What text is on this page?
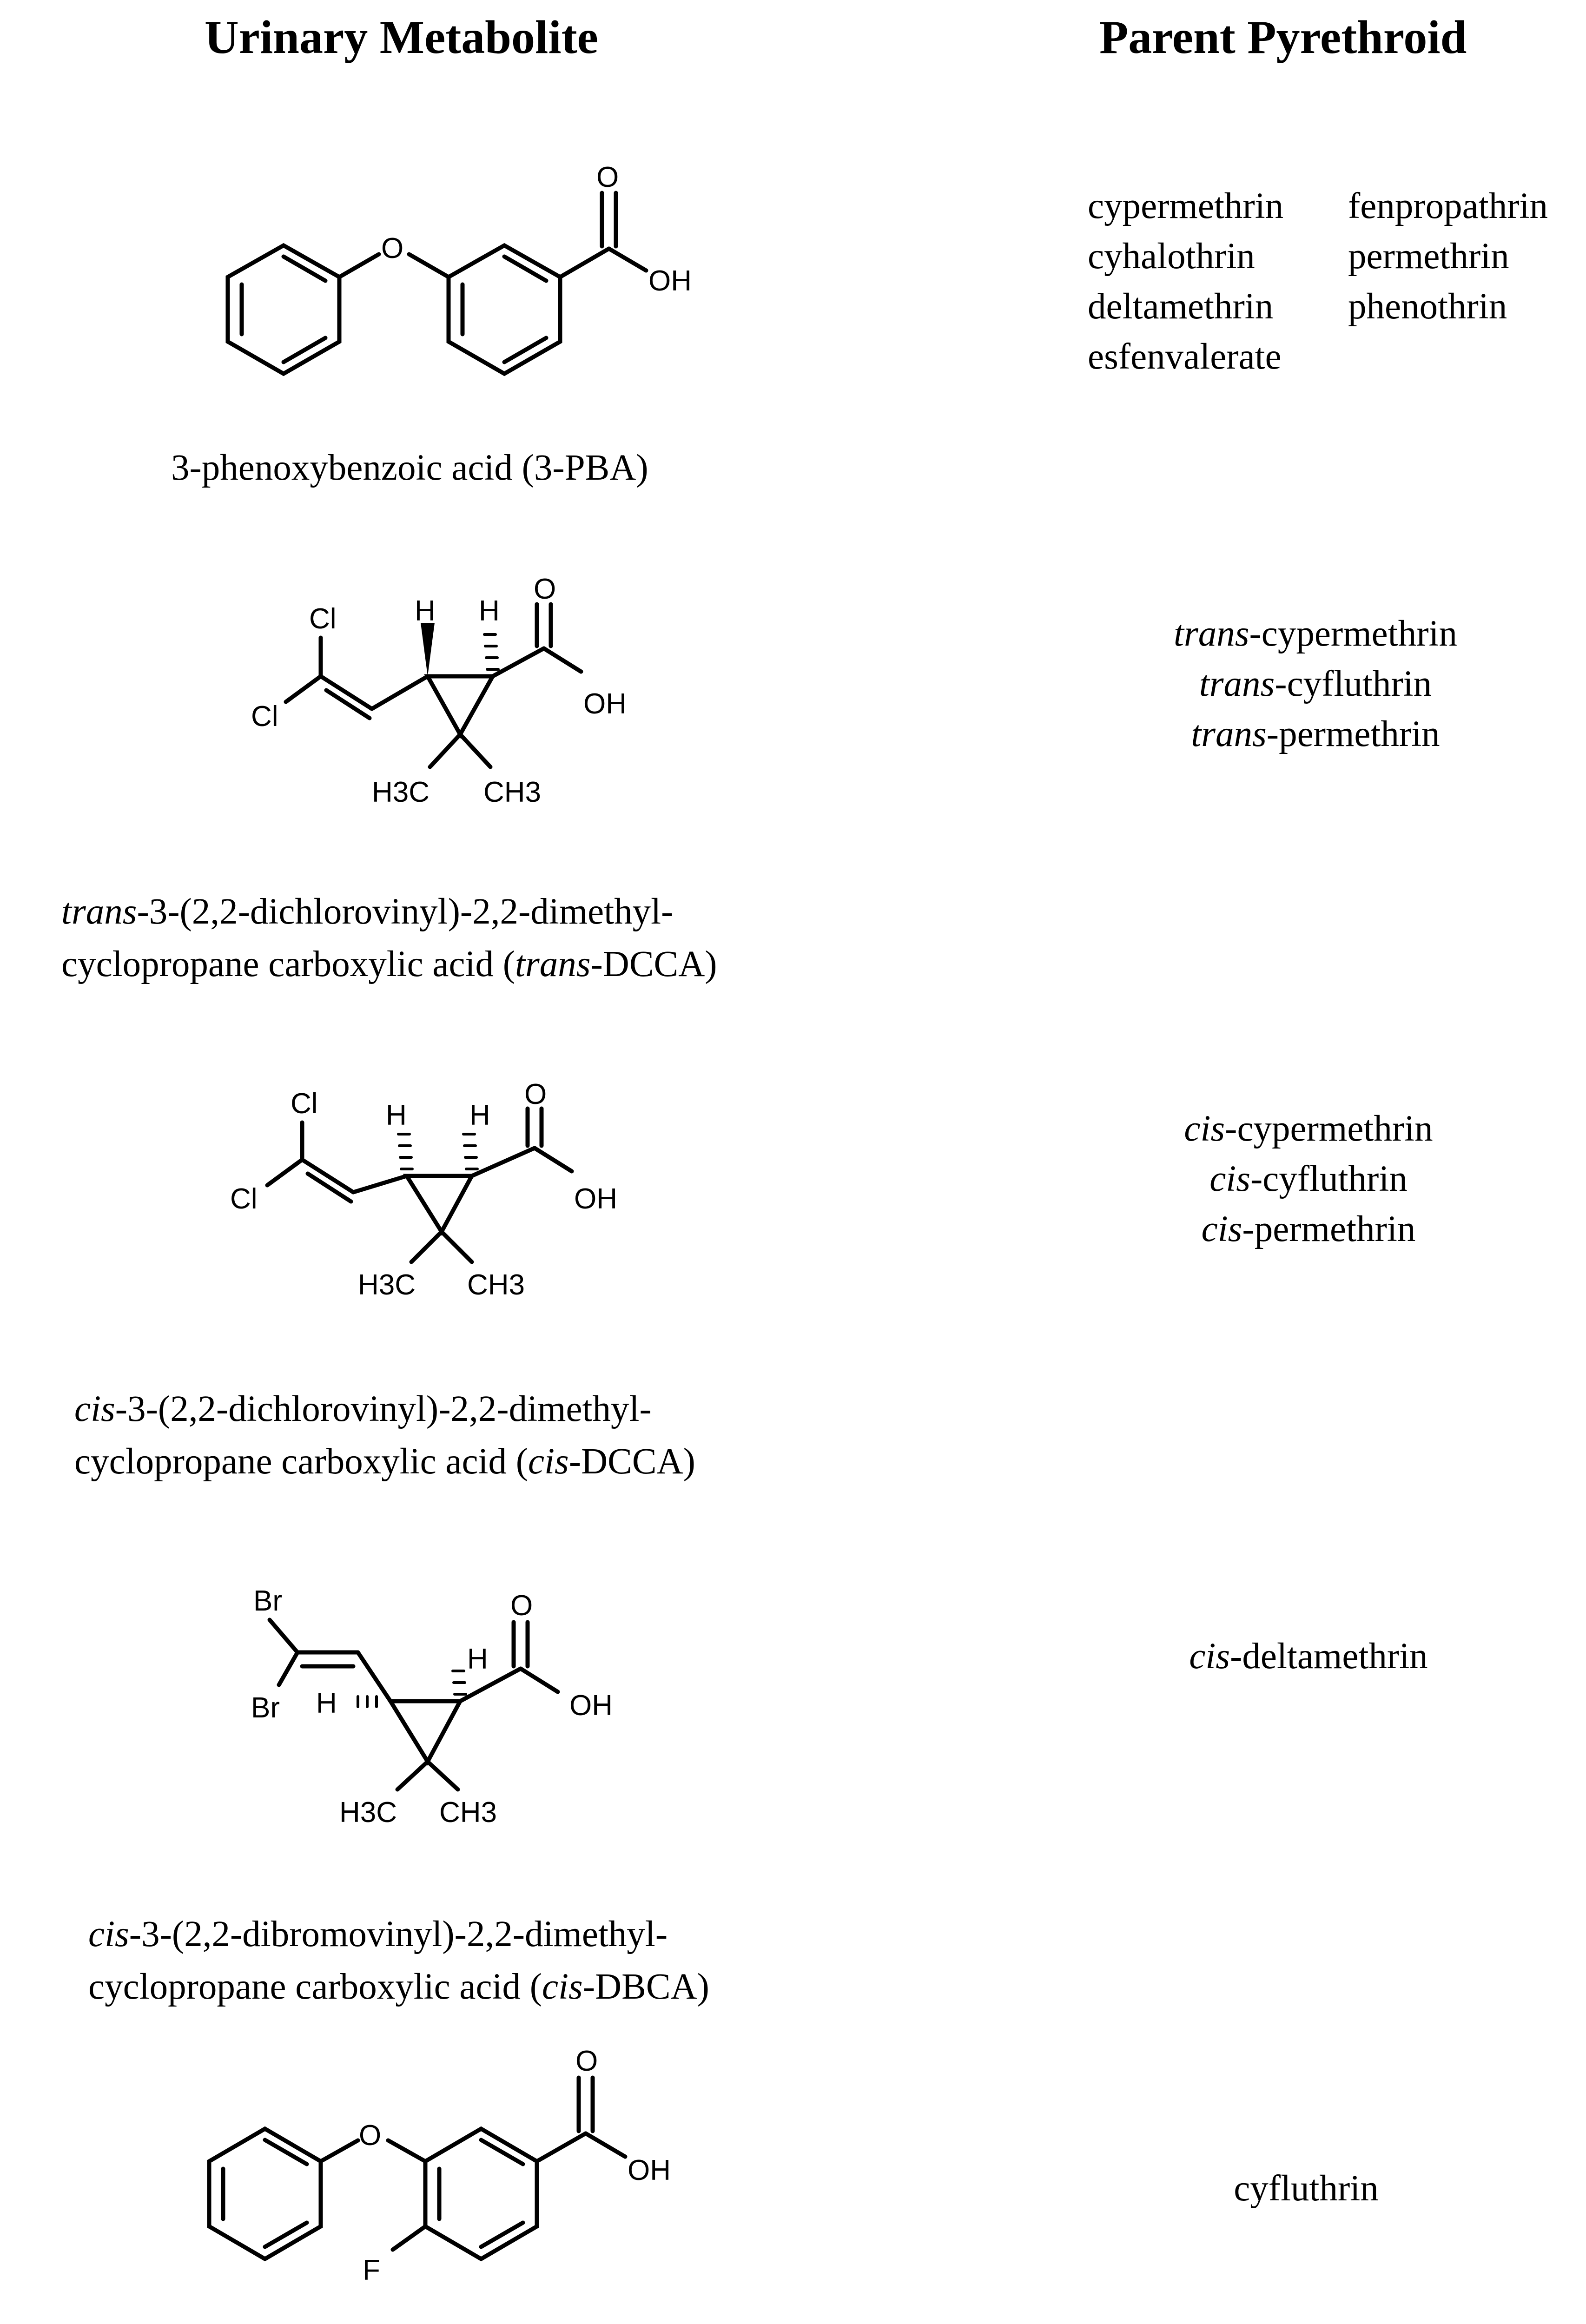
Urinary Metabolite	Parent Pyrethroid
O
O
OH
Cl
Cl
H H
O
OH
H3C CH3
Cl
Cl
H H
O
OH
H3C CH3
Br
Br H
H
O
OH
H3C CH3
O
F
O
OH
3-phenoxybenzoic acid (3-PBA)
trans-3-(2,2-dichlorovinyl)-2,2-dimethyl-
cyclopropane carboxylic acid (trans-DCCA)
cis-3-(2,2-dichlorovinyl)-2,2-dimethyl-
cyclopropane carboxylic acid (cis-DCCA)
cis-3-(2,2-dibromovinyl)-2,2-dimethyl-
cyclopropane carboxylic acid (cis-DBCA)
cypermethrin
cyhalothrin
deltamethrin
esfenvalerate
fenpropathrin
permethrin
phenothrin
trans-cypermethrin
trans-cyfluthrin
trans-permethrin
cis-cypermethrin
cis-cyfluthrin
cis-permethrin
cis-deltamethrin
cyfluthrin
